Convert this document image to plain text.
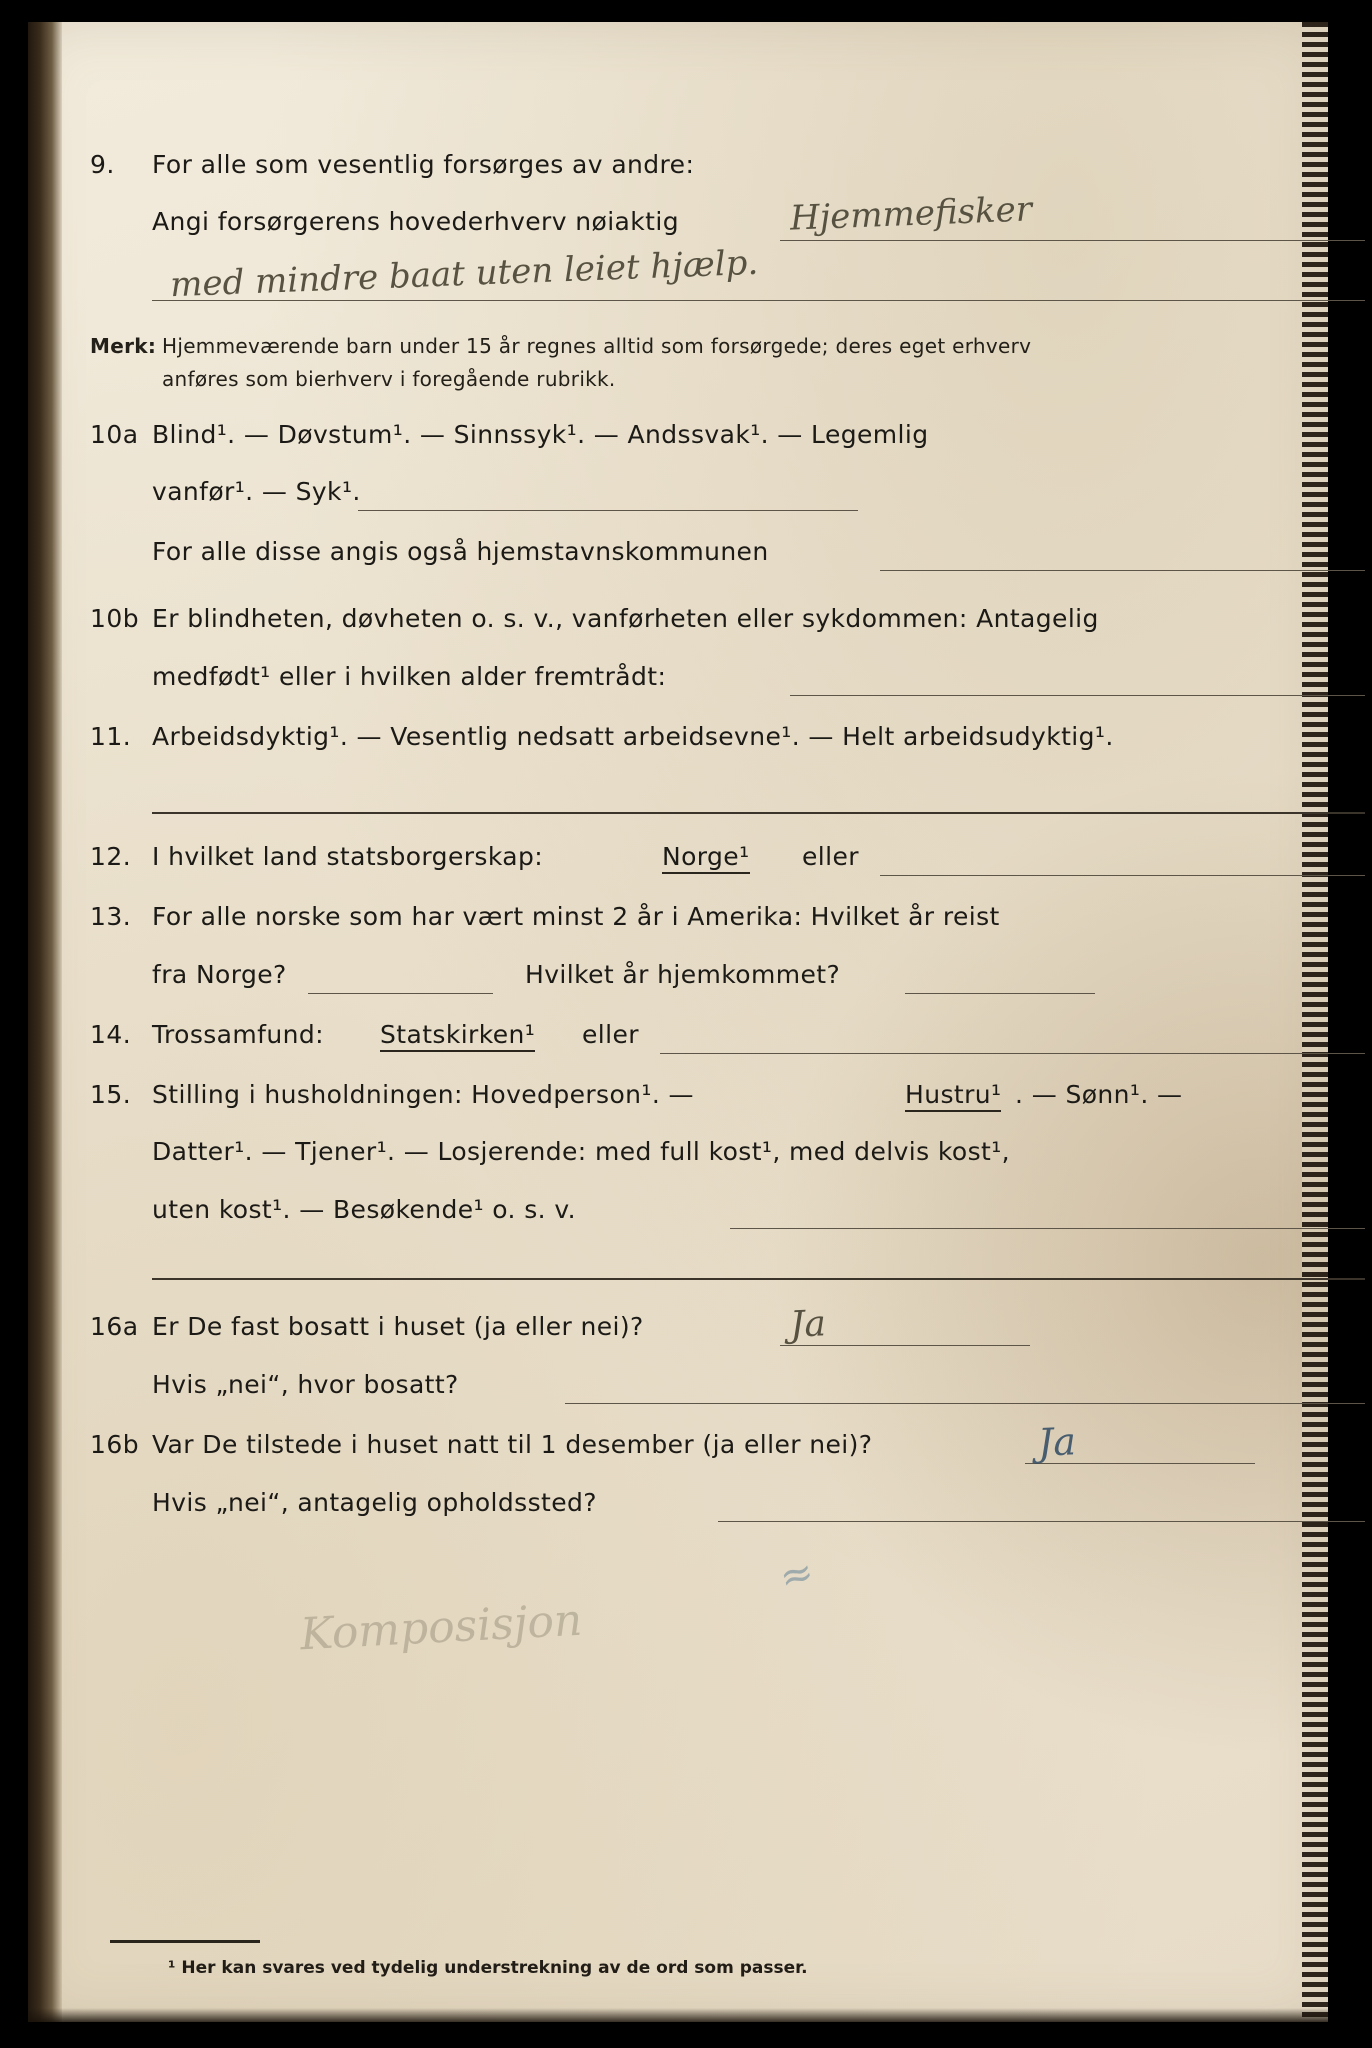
9. For alle som vesentlig forsørges av andre:
Angi forsørgerens hovederhverv nøiaktig	Hjemmefisker
med mindre baat uten leiet hjælp.
Merk: Hjemmeværende barn under 15 år regnes alltid som forsørgede; deres eget erhverv
anføres som bierhverv i foregående rubrikk.
10a Blind¹. — Døvstum¹. — Sinnssyk¹. — Andssvak¹. — Legemlig
vanfør¹. — Syk¹.
For alle disse angis også hjemstavnskommunen
10b Er blindheten, døvheten o. s. v., vanførheten eller sykdommen: Antagelig
medfødt¹ eller i hvilken alder fremtrådt:
11. Arbeidsdyktig¹. — Vesentlig nedsatt arbeidsevne¹. — Helt arbeidsudyktig¹.
12. I hvilket land statsborgerskap:	Norge¹ eller
13. For alle norske som har vært minst 2 år i Amerika: Hvilket år reist
fra Norge?	Hvilket år hjemkommet?
14. Trossamfund: Statskirken¹ eller
15. Stilling i husholdningen: Hovedperson¹. —	Hustru¹ . — Sønn¹. —
Datter¹. — Tjener¹. — Losjerende: med full kost¹, med delvis kost¹,
uten kost¹. — Besøkende¹ o. s. v.
16a Er De fast bosatt i huset (ja eller nei)?	Ja
Hvis „nei“, hvor bosatt?
16b Var De tilstede i huset natt til 1 desember (ja eller nei)?	Ja
Hvis „nei“, antagelig opholdssted?
Komposisjon
≈
¹ Her kan svares ved tydelig understrekning av de ord som passer.
